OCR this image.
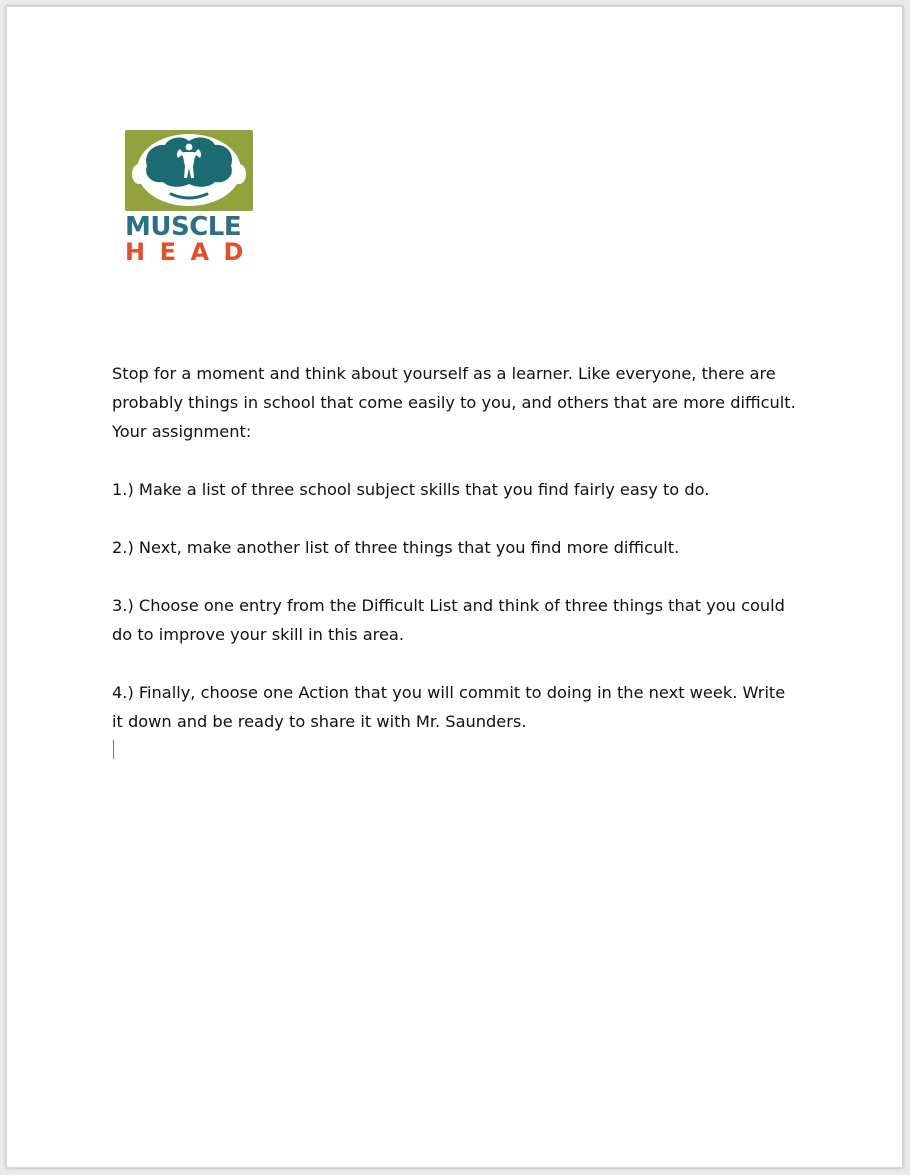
MUSCLE
HEAD

Stop for a moment and think about yourself as a learner. Like everyone, there are
probably things in school that come easily to you, and others that are more difficult.
Your assignment:

1.) Make a list of three school subject skills that you find fairly easy to do.

2.) Next, make another list of three things that you find more difficult.

3.) Choose one entry from the Difficult List and think of three things that you could
do to improve your skill in this area.

4.) Finally, choose one Action that you will commit to doing in the next week. Write
it down and be ready to share it with Mr. Saunders.
